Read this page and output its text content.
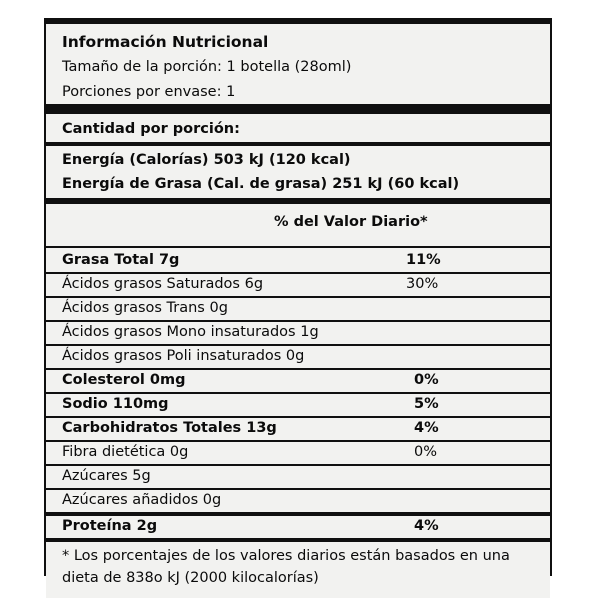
Información Nutricional
Tamaño de la porción: 1 botella (28oml)
Porciones por envase: 1
Cantidad por porción:
Energía (Calorías) 503 kJ (120 kcal)
Energía de Grasa (Cal. de grasa) 251 kJ (60 kcal)
% del Valor Diario*
Grasa Total 7g	11%
Ácidos grasos Saturados 6g	30%
Ácidos grasos Trans 0g
Ácidos grasos Mono insaturados 1g
Ácidos grasos Poli insaturados 0g
Colesterol 0mg	0%
Sodio 110mg	5%
Carbohidratos Totales 13g	4%
Fibra dietética 0g	0%
Azúcares 5g
Azúcares añadidos 0g
Proteína 2g	4%
* Los porcentajes de los valores diarios están basados en una
dieta de 838o kJ (2000 kilocalorías)
